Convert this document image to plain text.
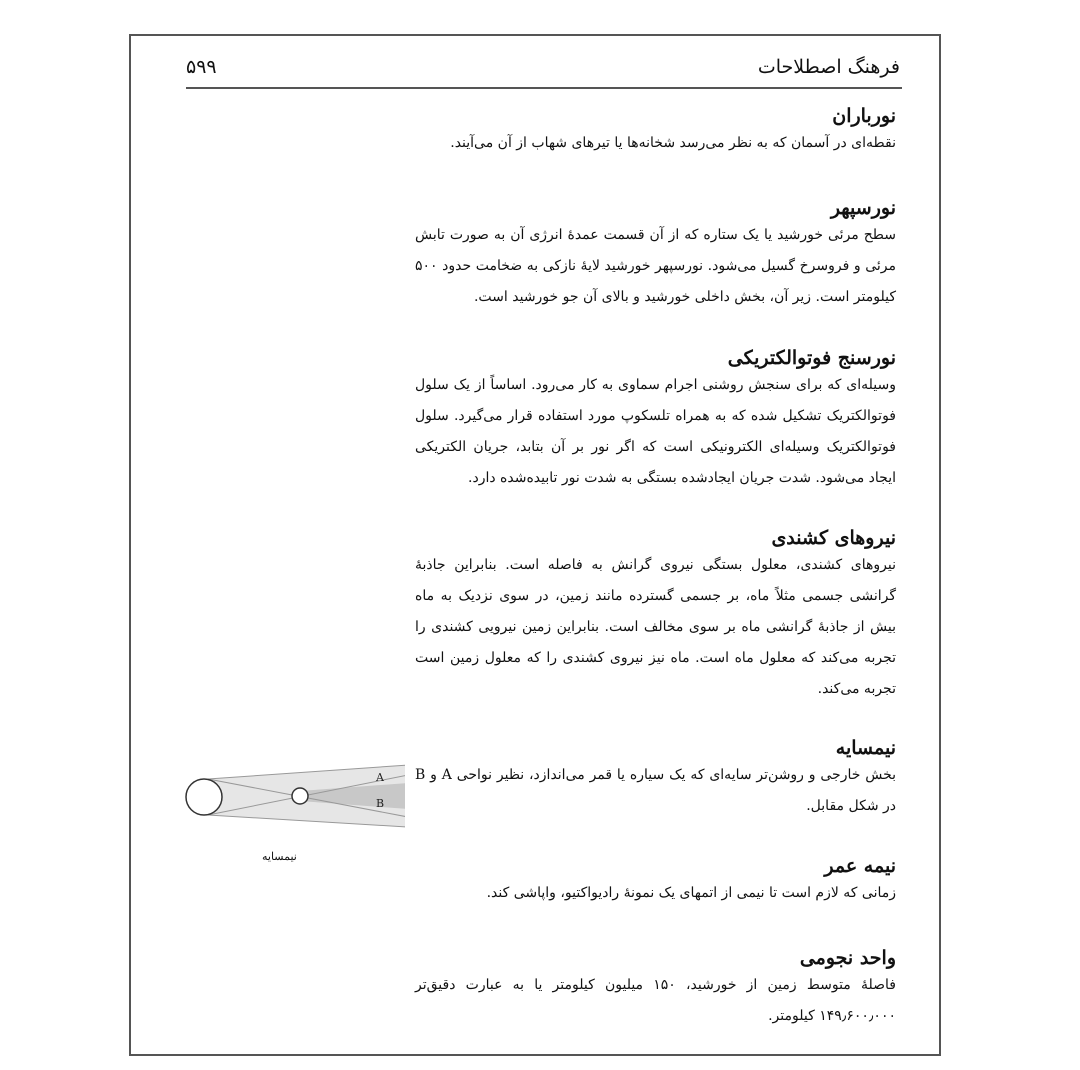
فرهنگ اصطلاحات
۵۹۹

نورباران

نقطه‌ای در آسمان که به نظر می‌رسد شخانه‌ها یا تیرهای شهاب از آن می‌آیند.

نورسپهر

سطح مرئی خورشید یا یک ستاره که از آن قسمت عمدهٔ انرژی آن به صورت تابش مرئی و فروسرخ گسیل می‌شود. نورسپهر خورشید لایهٔ نازکی به ضخامت حدود ۵۰۰ کیلومتر است. زیر آن، بخش داخلی خورشید و بالای آن جو خورشید است.

نورسنج فوتوالکتریکی

وسیله‌ای که برای سنجش روشنی اجرام سماوی به کار می‌رود. اساساً از یک سلول فوتوالکتریک تشکیل شده که به همراه تلسکوپ مورد استفاده قرار می‌گیرد. سلول فوتوالکتریک وسیله‌ای الکترونیکی است که اگر نور بر آن بتابد، جریان الکتریکی ایجاد می‌شود. شدت جریان ایجادشده بستگی به شدت نور تابیده‌شده دارد.

نیروهای کشندی

نیروهای کشندی، معلول بستگی نیروی گرانش به فاصله است. بنابراین جاذبهٔ گرانشی جسمی مثلاً ماه، بر جسمی گسترده مانند زمین، در سوی نزدیک به ماه بیش از جاذبهٔ گرانشی ماه بر سوی مخالف است. بنابراین زمین نیرویی کشندی را تجربه می‌کند که معلول ماه است. ماه نیز نیروی کشندی را که معلول زمین است تجربه می‌کند.

نیمسایه

بخش خارجی و روشن‌تر سایه‌ای که یک سیاره یا قمر می‌اندازد، نظیر نواحی A و B در شکل مقابل.

نیمه عمر

زمانی که لازم است تا نیمی از اتمهای یک نمونهٔ رادیواکتیو، واپاشی کند.

واحد نجومی

فاصلهٔ متوسط زمین از خورشید، ۱۵۰ میلیون کیلومتر یا به عبارت دقیق‌تر ۱۴۹٫۶۰۰٫۰۰۰ کیلومتر.

A
B
نیمسایه
